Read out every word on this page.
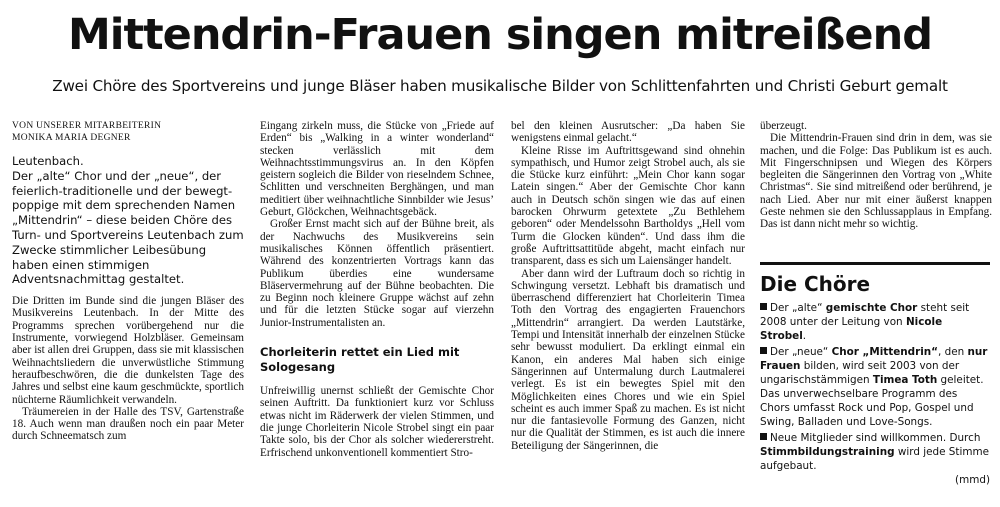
Mittendrin-Frauen singen mitreißend
Zwei Chöre des Sportvereins und junge Bläser haben musikalische Bilder von Schlittenfahrten und Christi Geburt gemalt

VON UNSERER MITARBEITERIN

MONIKA MARIA DEGNER

Leutenbach.

Der „alte“ Chor und der „neue“, der feierlich-traditionelle und der bewegt-poppige mit dem sprechenden Namen „Mittendrin“ – diese beiden Chöre des Turn- und Sportvereins Leutenbach zum Zwecke stimmlicher Leibesübung haben einen stimmigen Adventsnachmittag gestaltet.

Die Dritten im Bunde sind die jungen Bläser des Musikvereins Leutenbach. In der Mitte des Programms sprechen vorübergehend nur die Instrumente, vorwiegend Holzbläser. Gemeinsam aber ist allen drei Gruppen, dass sie mit klassischen Weihnachtsliedern die unverwüstliche Stimmung heraufbeschwören, die die dunkelsten Tage des Jahres und selbst eine kaum geschmückte, sportlich nüchterne Räumlichkeit verwandeln.

Träumereien in der Halle des TSV, Gartenstraße 18. Auch wenn man draußen noch ein paar Meter durch Schneematsch zum

Eingang zirkeln muss, die Stücke von „Friede auf Erden“ bis „Walking in a winter wonderland“ stecken verlässlich mit dem Weihnachtsstimmungsvirus an. In den Köpfen geistern sogleich die Bilder von rieselndem Schnee, Schlitten und verschneiten Berghängen, und man meditiert über weihnachtliche Sinnbilder wie Jesus’ Geburt, Glöckchen, Weihnachtsgebäck.

Großer Ernst macht sich auf der Bühne breit, als der Nachwuchs des Musikvereins sein musikalisches Können öffentlich präsentiert. Während des konzentrierten Vortrags kann das Publikum überdies eine wundersame Bläservermehrung auf der Bühne beobachten. Die zu Beginn noch kleinere Gruppe wächst auf zehn und für die letzten Stücke sogar auf vierzehn Junior-Instrumentalisten an.

Chorleiterin rettet ein Lied mit Sologesang

Unfreiwillig unernst schließt der Gemischte Chor seinen Auftritt. Da funktioniert kurz vor Schluss etwas nicht im Räderwerk der vielen Stimmen, und die junge Chorleiterin Nicole Strobel singt ein paar Takte solo, bis der Chor als solcher wiedererstreht. Erfrischend unkonventionell kommentiert Stro-

bel den kleinen Ausrutscher: „Da haben Sie wenigstens einmal gelacht.“

Kleine Risse im Auftrittsgewand sind ohnehin sympathisch, und Humor zeigt Strobel auch, als sie die Stücke kurz einführt: „Mein Chor kann sogar Latein singen.“ Aber der Gemischte Chor kann auch in Deutsch schön singen wie das auf einen barocken Ohrwurm getextete „Zu Bethlehem geboren“ oder Mendelssohn Bartholdys „Hell vom Turm die Glocken künden“. Und dass ihm die große Auftrittsattitüde abgeht, macht einfach nur transparent, dass es sich um Laiensänger handelt.

Aber dann wird der Luftraum doch so richtig in Schwingung versetzt. Lebhaft bis dramatisch und überraschend differenziert hat Chorleiterin Timea Toth den Vortrag des engagierten Frauenchors „Mittendrin“ arrangiert. Da werden Lautstärke, Tempi und Intensität innerhalb der einzelnen Stücke sehr bewusst moduliert. Da erklingt einmal ein Kanon, ein anderes Mal haben sich einige Sängerinnen auf Untermalung durch Lautmalerei verlegt. Es ist ein bewegtes Spiel mit den Möglichkeiten eines Chores und wie ein Spiel scheint es auch immer Spaß zu machen. Es ist nicht nur die fantasievolle Formung des Ganzen, nicht nur die Qualität der Stimmen, es ist auch die innere Beteiligung der Sängerinnen, die

überzeugt.

Die Mittendrin-Frauen sind drin in dem, was sie machen, und die Folge: Das Publikum ist es auch. Mit Fingerschnipsen und Wiegen des Körpers begleiten die Sängerinnen den Vortrag von „White Christmas“. Sie sind mitreißend oder berührend, je nach Lied. Aber nur mit einer äußerst knappen Geste nehmen sie den Schlussapplaus in Empfang. Das ist dann nicht mehr so wichtig.

Die Chöre

Der „alte“ gemischte Chor steht seit 2008 unter der Leitung von Nicole Strobel.

Der „neue“ Chor „Mittendrin“, den nur Frauen bilden, wird seit 2003 von der ungarischstämmigen Timea Toth geleitet. Das unverwechselbare Programm des Chors umfasst Rock und Pop, Gospel und Swing, Balladen und Love-Songs.

Neue Mitglieder sind willkommen. Durch Stimmbildungstraining wird jede Stimme aufgebaut.
(mmd)
